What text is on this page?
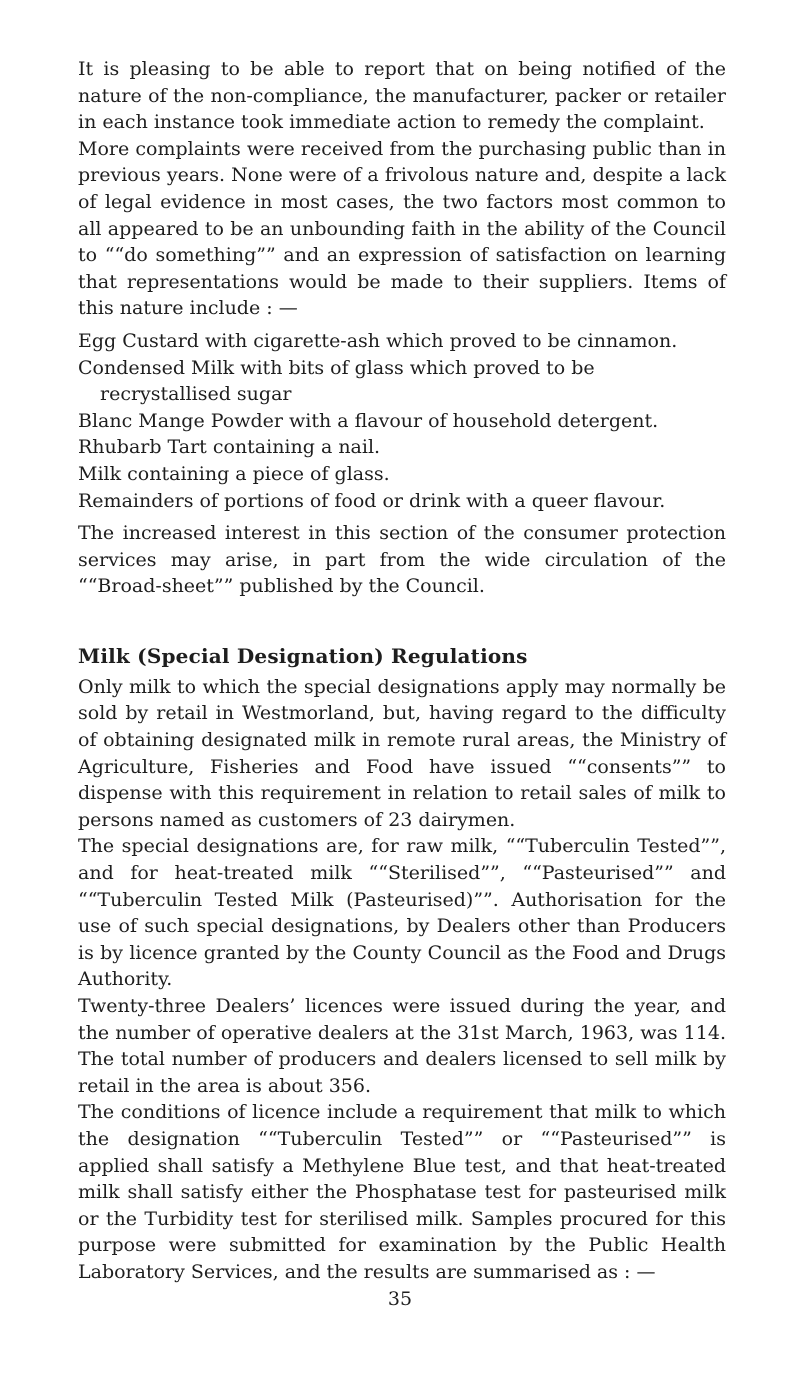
It is pleasing to be able to report that on being notified of the nature of the non-compliance, the manufacturer, packer or retailer in each instance took immediate action to remedy the complaint.

More complaints were received from the purchasing public than in previous years. None were of a frivolous nature and, despite a lack of legal evidence in most cases, the two factors most common to all appeared to be an unbounding faith in the ability of the Council to ““do something”” and an expression of satisfaction on learning that representations would be made to their suppliers. Items of this nature include : —

Egg Custard with cigarette-ash which proved to be cinnamon.

Condensed Milk with bits of glass which proved to be recrystallised sugar

Blanc Mange Powder with a flavour of household detergent.

Rhubarb Tart containing a nail.

Milk containing a piece of glass.

Remainders of portions of food or drink with a queer flavour.

The increased interest in this section of the consumer protection services may arise, in part from the wide circulation of the ““Broad-sheet”” published by the Council.

Milk (Special Designation) Regulations

Only milk to which the special designations apply may normally be sold by retail in Westmorland, but, having regard to the difficulty of obtaining designated milk in remote rural areas, the Ministry of Agriculture, Fisheries and Food have issued ““consents”” to dispense with this requirement in relation to retail sales of milk to persons named as customers of 23 dairymen.

The special designations are, for raw milk, ““Tuberculin Tested””, and for heat-treated milk ““Sterilised””, ““Pasteurised”” and ““Tuberculin Tested Milk (Pasteurised)””. Authorisation for the use of such special designations, by Dealers other than Producers is by licence granted by the County Council as the Food and Drugs Authority.

Twenty-three Dealers’ licences were issued during the year, and the number of operative dealers at the 31st March, 1963, was 114. The total number of producers and dealers licensed to sell milk by retail in the area is about 356.

The conditions of licence include a requirement that milk to which the designation ““Tuberculin Tested”” or ““Pasteurised”” is applied shall satisfy a Methylene Blue test, and that heat-treated milk shall satisfy either the Phosphatase test for pasteurised milk or the Turbidity test for sterilised milk. Samples procured for this purpose were submitted for examination by the Public Health Laboratory Services, and the results are summarised as : —

35
